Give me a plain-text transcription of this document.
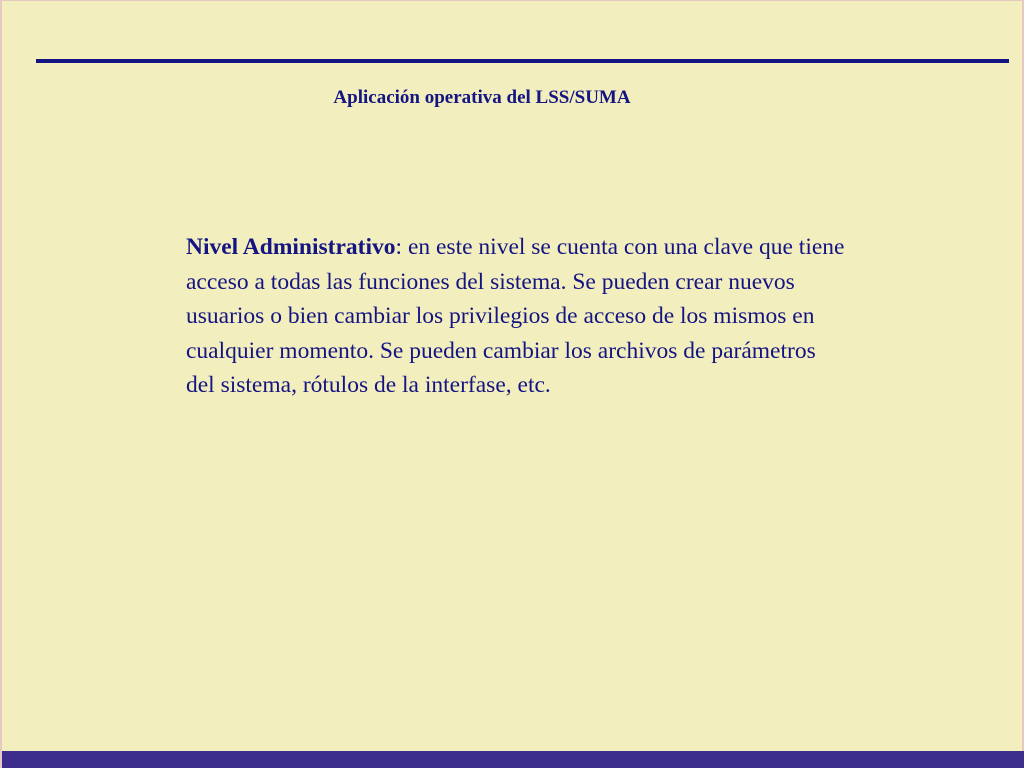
Aplicación operativa del LSS/SUMA
Nivel Administrativo: en este nivel se cuenta con una clave que tiene acceso a todas las funciones del sistema. Se pueden crear nuevos usuarios o bien cambiar los privilegios de acceso de los mismos en cualquier momento. Se pueden cambiar los archivos de parámetros del sistema, rótulos de la interfase, etc.
